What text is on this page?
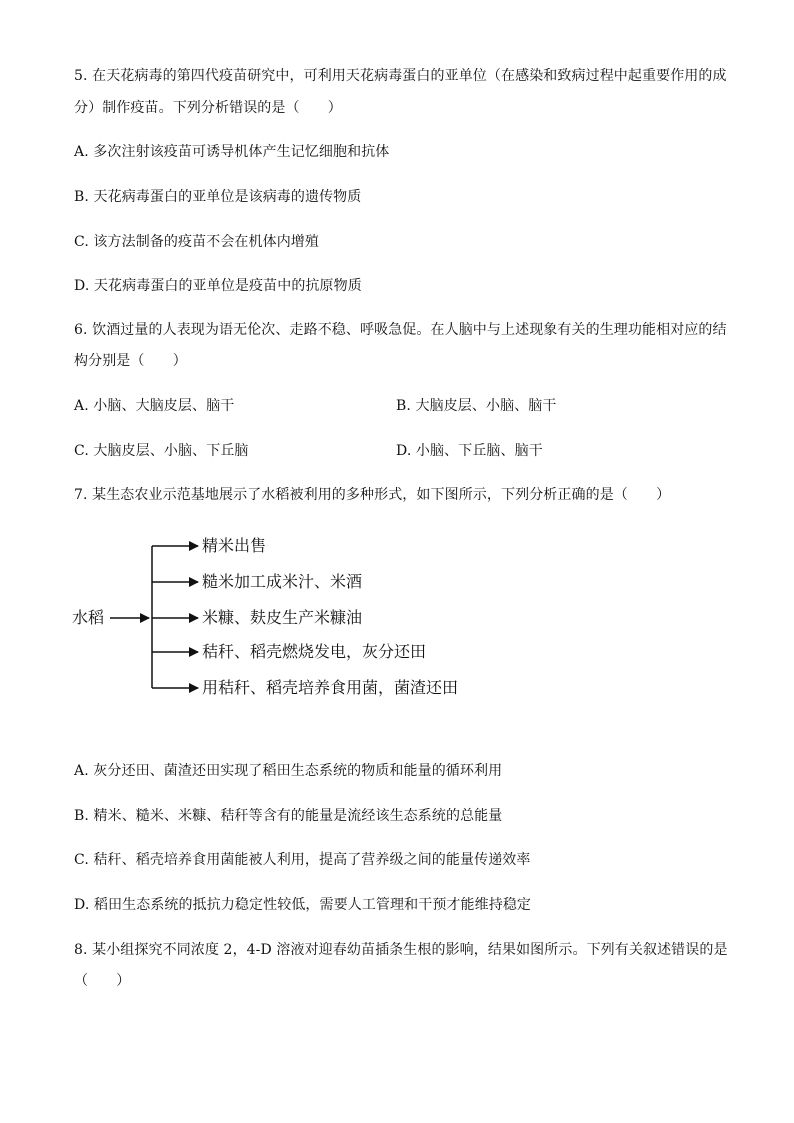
5. 在天花病毒的第四代疫苗研究中，可利用天花病毒蛋白的亚单位（在感染和致病过程中起重要作用的成
分）制作疫苗。下列分析错误的是（　　）
A. 多次注射该疫苗可诱导机体产生记忆细胞和抗体
B. 天花病毒蛋白的亚单位是该病毒的遗传物质
C. 该方法制备的疫苗不会在机体内增殖
D. 天花病毒蛋白的亚单位是疫苗中的抗原物质
6. 饮酒过量的人表现为语无伦次、走路不稳、呼吸急促。在人脑中与上述现象有关的生理功能相对应的结
构分别是（　　）
A. 小脑、大脑皮层、脑干	B. 大脑皮层、小脑、脑干
C. 大脑皮层、小脑、下丘脑	D. 小脑、下丘脑、脑干
7. 某生态农业示范基地展示了水稻被利用的多种形式，如下图所示，下列分析正确的是（　　）
水稻
精米出售
糙米加工成米汁、米酒
米糠、麸皮生产米糠油
秸秆、稻壳燃烧发电，灰分还田
用秸秆、稻壳培养食用菌，菌渣还田
A. 灰分还田、菌渣还田实现了稻田生态系统的物质和能量的循环利用
B. 精米、糙米、米糠、秸秆等含有的能量是流经该生态系统的总能量
C. 秸秆、稻壳培养食用菌能被人利用，提高了营养级之间的能量传递效率
D. 稻田生态系统的抵抗力稳定性较低，需要人工管理和干预才能维持稳定
8. 某小组探究不同浓度 2，4-D 溶液对迎春幼苗插条生根的影响，结果如图所示。下列有关叙述错误的是
（　　）
